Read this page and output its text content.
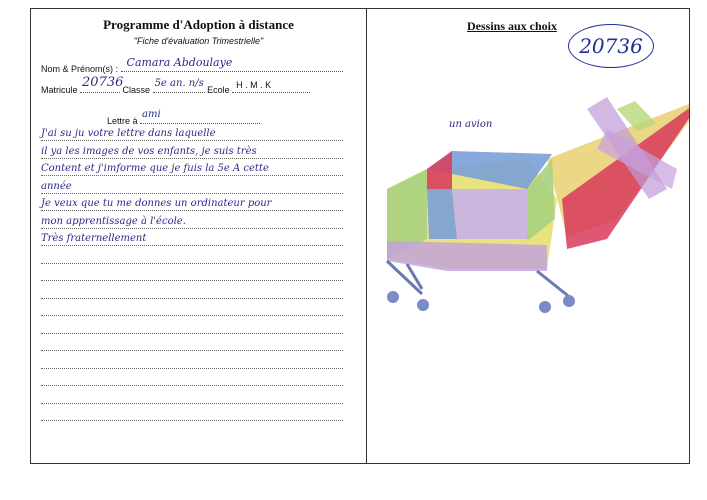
Programme d'Adoption à distance
"Fiche d'évaluation Trimestrielle"
Nom & Prénom(s) : Camara Abdoulaye
Matricule 20736 Classe
5e an. n/s
Ecole H . M . K
Lettre à
ami
J'ai su ju votre lettre dans laquelle
il ya les images de vos enfants, je suis très
Content et j'imforme que je fuis la 5e A cette
année
Je veux que tu me donnes un ordinateur pour
mon apprentissage à l'école.
Très fraternellement
Dessins aux choix
un avion
20736
